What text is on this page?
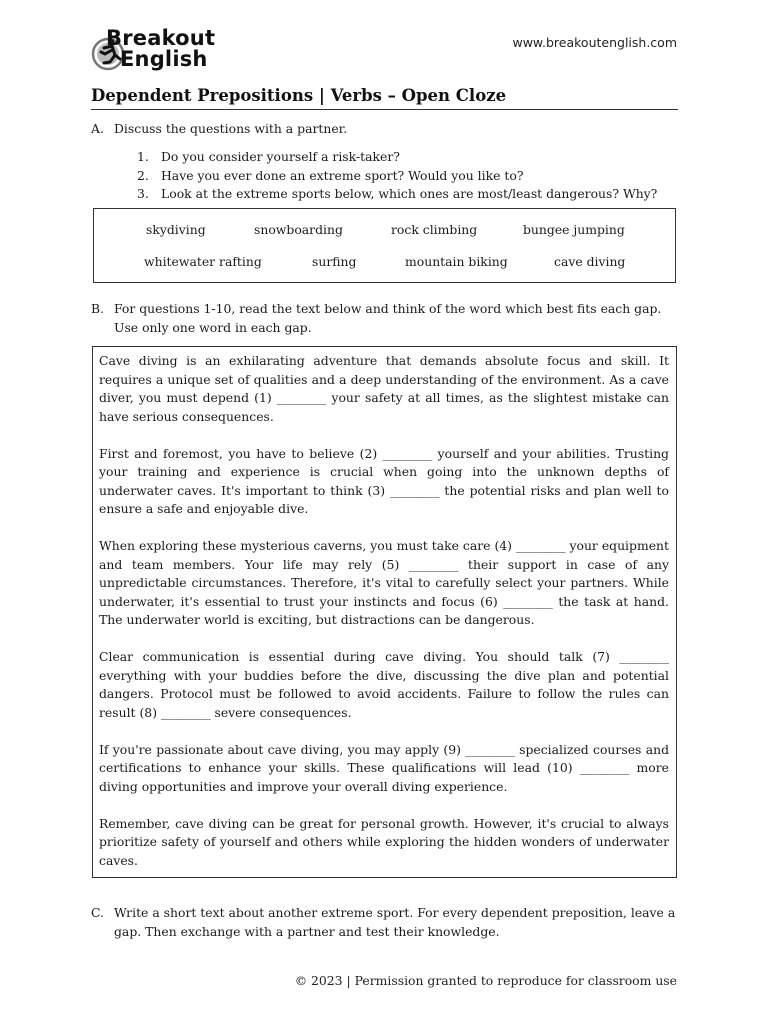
Breakout
English
www.breakoutenglish.com
Dependent Prepositions | Verbs – Open Cloze
A. Discuss the questions with a partner.
1. Do you consider yourself a risk-taker?
2. Have you ever done an extreme sport? Would you like to?
3. Look at the extreme sports below, which ones are most/least dangerous? Why?
skydiving	snowboarding	rock climbing	bungee jumping
whitewater rafting	surfing	mountain biking	cave diving
B. For questions 1-10, read the text below and think of the word which best fits each gap. Use only one word in each gap.

Cave diving is an exhilarating adventure that demands absolute focus and skill. It requires a unique set of qualities and a deep understanding of the environment. As a cave diver, you must depend (1) ________ your safety at all times, as the slightest mistake can have serious consequences.

First and foremost, you have to believe (2) ________ yourself and your abilities. Trusting your training and experience is crucial when going into the unknown depths of underwater caves. It's important to think (3) ________ the potential risks and plan well to ensure a safe and enjoyable dive.

When exploring these mysterious caverns, you must take care (4) ________ your equipment and team members. Your life may rely (5) ________ their support in case of any unpredictable circumstances. Therefore, it's vital to carefully select your partners. While underwater, it's essential to trust your instincts and focus (6) ________ the task at hand. The underwater world is exciting, but distractions can be dangerous.

Clear communication is essential during cave diving. You should talk (7) ________ everything with your buddies before the dive, discussing the dive plan and potential dangers. Protocol must be followed to avoid accidents. Failure to follow the rules can result (8) ________ severe consequences.

If you're passionate about cave diving, you may apply (9) ________ specialized courses and certifications to enhance your skills. These qualifications will lead (10) ________ more diving opportunities and improve your overall diving experience.

Remember, cave diving can be great for personal growth. However, it's crucial to always prioritize safety of yourself and others while exploring the hidden wonders of underwater caves.

C. Write a short text about another extreme sport. For every dependent preposition, leave a gap. Then exchange with a partner and test their knowledge.
© 2023 | Permission granted to reproduce for classroom use
